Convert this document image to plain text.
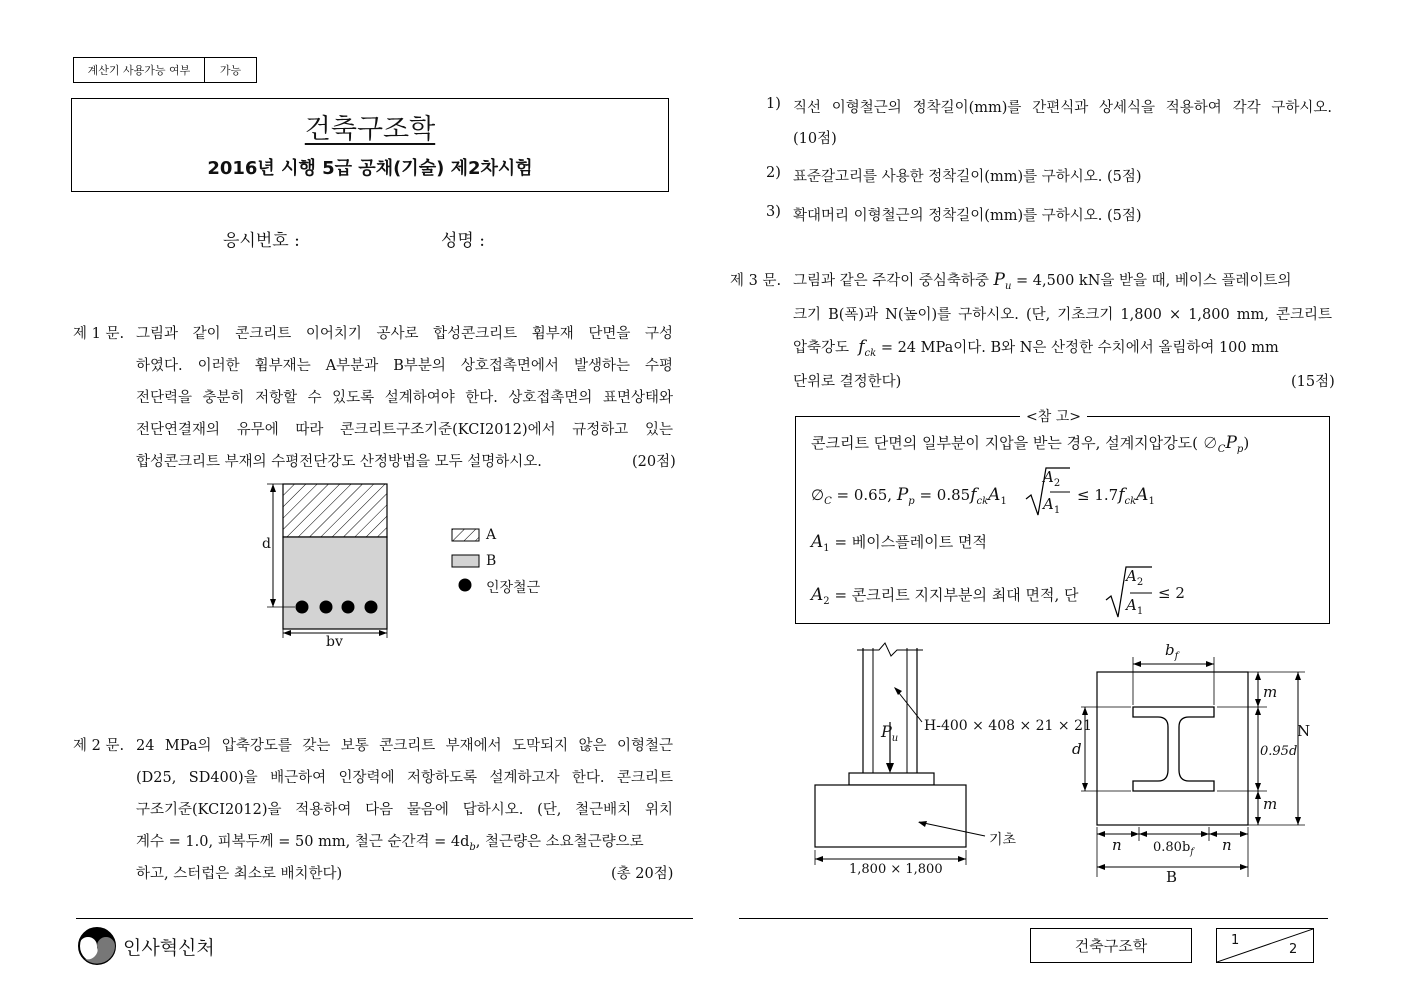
계산기 사용가능 여부	가능
건축구조학
2016년 시행 5급 공채(기술) 제2차시험
응시번호 :	성명 :
제 1 문. 그림과 같이 콘크리트 이어치기 공사로 합성콘크리트 휨부재 단면을 구성
하였다. 이러한 휨부재는 A부분과 B부분의 상호접촉면에서 발생하는 수평
전단력을 충분히 저항할 수 있도록 설계하여야 한다. 상호접촉면의 표면상태와
전단연결재의 유무에 따라 콘크리트구조기준(KCI2012)에서 규정하고 있는
합성콘크리트 부재의 수평전단강도 산정방법을 모두 설명하시오.	(20점)
d
bv
A
B
인장철근
제 2 문. 24 MPa의 압축강도를 갖는 보통 콘크리트 부재에서 도막되지 않은 이형철근
(D25, SD400)을 배근하여 인장력에 저항하도록 설계하고자 한다. 콘크리트
구조기준(KCI2012)을 적용하여 다음 물음에 답하시오. (단, 철근배치 위치
계수 = 1.0, 피복두께 = 50 mm, 철근 순간격 = $4d_b$, 철근량은 소요철근량으로
하고, 스터럽은 최소로 배치한다)	(총 20점)
인사혁신처
1) 직선 이형철근의 정착길이(mm)를 간편식과 상세식을 적용하여 각각 구하시오.
(10점)
2) 표준갈고리를 사용한 정착길이(mm)를 구하시오. (5점)
3) 확대머리 이형철근의 정착길이(mm)를 구하시오. (5점)
제 3 문. 그림과 같은 주각이 중심축하중 $P_u = 4,500$ kN을 받을 때, 베이스 플레이트의
크기 B(폭)과 N(높이)를 구하시오. (단, 기초크기 1,800 × 1,800 mm, 콘크리트
압축강도 $f_{ck} = 24$ MPa이다. B와 N은 산정한 수치에서 올림하여 100 mm
단위로 결정한다)	(15점)
<참 고>
콘크리트 단면의 일부분이 지압을 받는 경우, 설계지압강도( $\emptyset_CP_p$)
$\emptyset_C = 0.65$, $P_p = 0.85f_{ck}A_1$
$A_2$
$A_1$
≤ $1.7f_{ck}A_1$
$A_1$ = 베이스플레이트 면적
$A_2$ = 콘크리트 지지부분의 최대 면적, 단
$A_2$
$A_1$
≤ 2
H-400 × 408 × 21 × 21
$P_u$
기초
1,800 × 1,800
$b_f$
d
m
m
N
0.95d
n	n
$0.80b_f$
B
건축구조학	1
2
